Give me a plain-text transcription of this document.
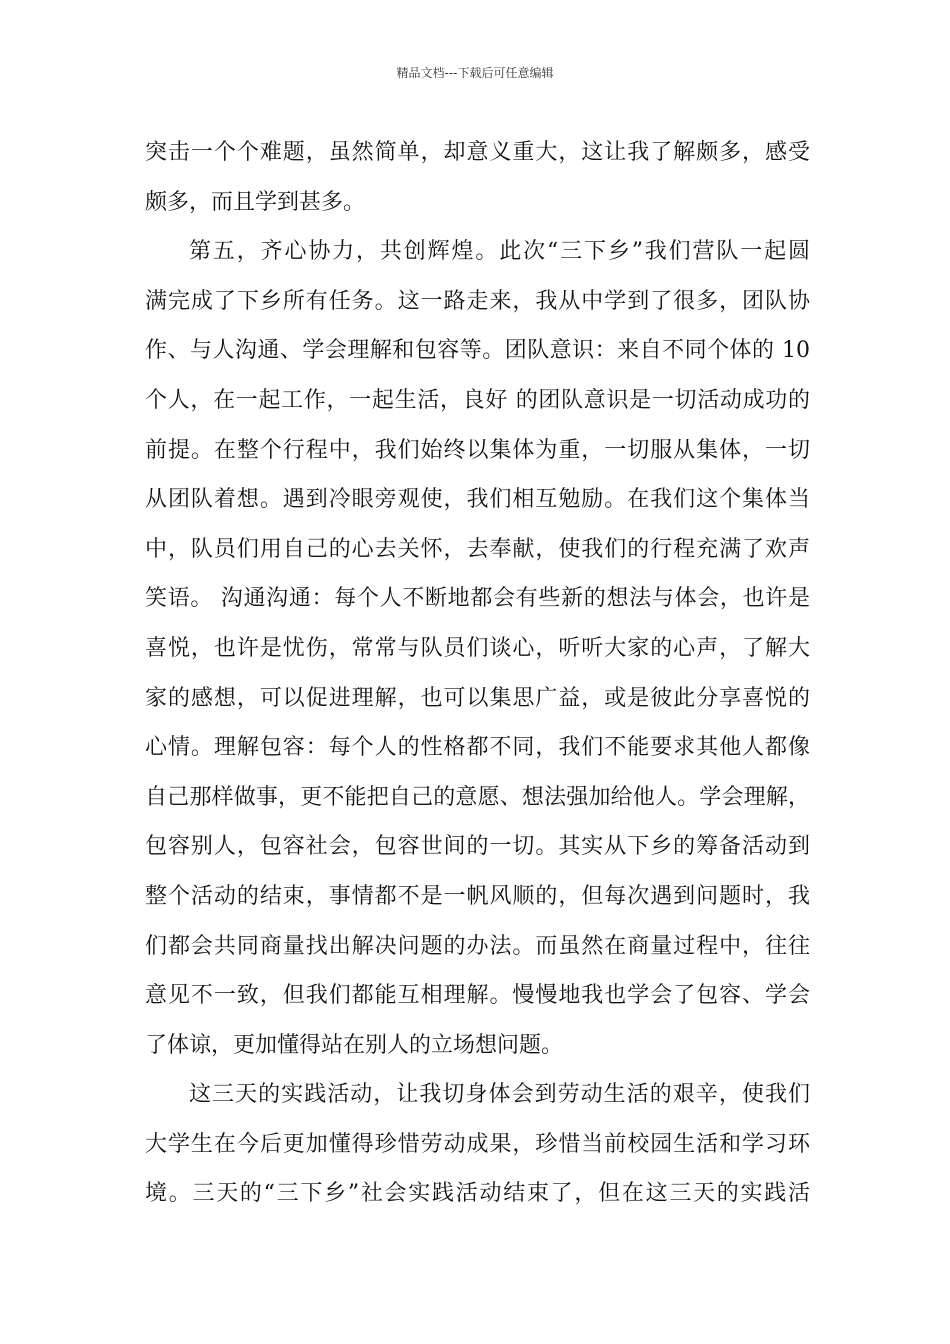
精品文档---下载后可任意编辑
突击一个个难题，虽然简单，却意义重大，这让我了解颇多，感受
颇多，而且学到甚多。
第五，齐心协力，共创辉煌。此次“三下乡”我们营队一起圆
满完成了下乡所有任务。这一路走来，我从中学到了很多，团队协
作、与人沟通、学会理解和包容等。团队意识：来自不同个体的 10
个人，在一起工作，一起生活，良好 的团队意识是一切活动成功的
前提。在整个行程中，我们始终以集体为重，一切服从集体，一切
从团队着想。遇到冷眼旁观使，我们相互勉励。在我们这个集体当
中，队员们用自己的心去关怀，去奉献，使我们的行程充满了欢声
笑语。 沟通沟通：每个人不断地都会有些新的想法与体会，也许是
喜悦，也许是忧伤，常常与队员们谈心，听听大家的心声，了解大
家的感想，可以促进理解，也可以集思广益，或是彼此分享喜悦的
心情。理解包容：每个人的性格都不同，我们不能要求其他人都像
自己那样做事，更不能把自己的意愿、想法强加给他人。学会理解，
包容别人，包容社会，包容世间的一切。其实从下乡的筹备活动到
整个活动的结束，事情都不是一帆风顺的，但每次遇到问题时，我
们都会共同商量找出解决问题的办法。而虽然在商量过程中，往往
意见不一致，但我们都能互相理解。慢慢地我也学会了包容、学会
了体谅，更加懂得站在别人的立场想问题。
这三天的实践活动，让我切身体会到劳动生活的艰辛，使我们
大学生在今后更加懂得珍惜劳动成果，珍惜当前校园生活和学习环
境。三天的“三下乡”社会实践活动结束了，但在这三天的实践活
